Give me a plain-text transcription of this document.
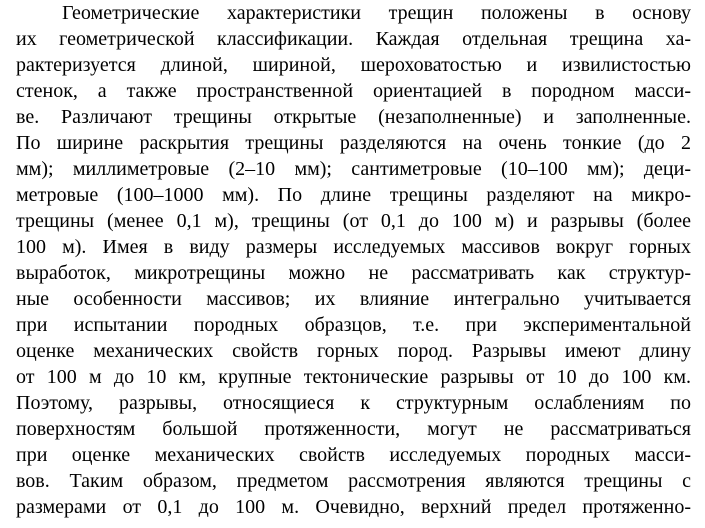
Геометрические характеристики трещин положены в основу
их геометрической классификации. Каждая отдельная трещина ха-
рактеризуется длиной, шириной, шероховатостью и извилистостью
стенок, а также пространственной ориентацией в породном масси-
ве. Различают трещины открытые (незаполненные) и заполненные.
По ширине раскрытия трещины разделяются на очень тонкие (до 2
мм); миллиметровые (2–10 мм); сантиметровые (10–100 мм); деци-
метровые (100–1000 мм). По длине трещины разделяют на микро-
трещины (менее 0,1 м), трещины (от 0,1 до 100 м) и разрывы (более
100 м). Имея в виду размеры исследуемых массивов вокруг горных
выработок, микротрещины можно не рассматривать как структур-
ные особенности массивов; их влияние интегрально учитывается
при испытании породных образцов, т.е. при экспериментальной
оценке механических свойств горных пород. Разрывы имеют длину
от 100 м до 10 км, крупные тектонические разрывы от 10 до 100 км.
Поэтому, разрывы, относящиеся к структурным ослаблениям по
поверхностям большой протяженности, могут не рассматриваться
при оценке механических свойств исследуемых породных масси-
вов. Таким образом, предметом рассмотрения являются трещины с
размерами от 0,1 до 100 м. Очевидно, верхний предел протяженно-
